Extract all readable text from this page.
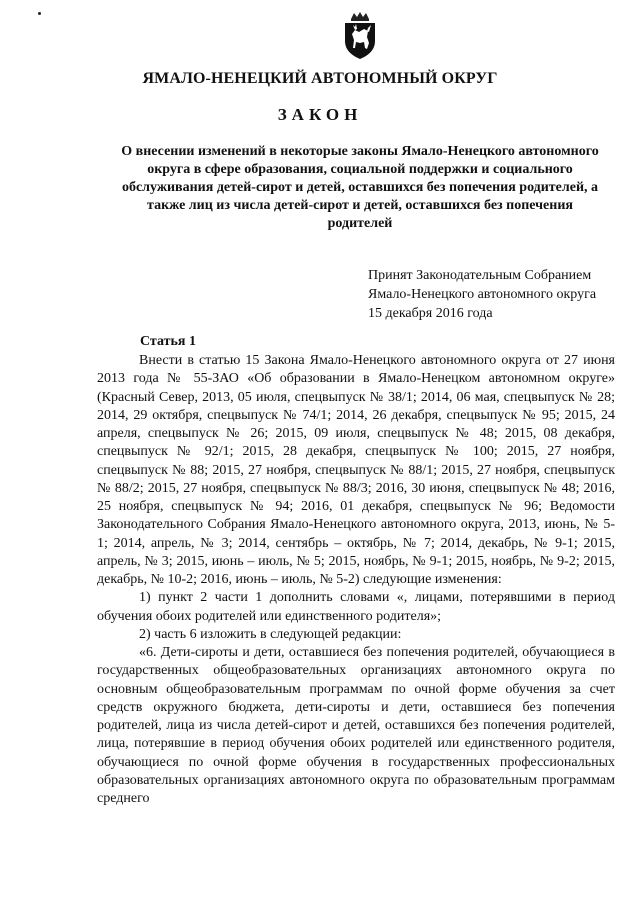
ЯМАЛО-НЕНЕЦКИЙ АВТОНОМНЫЙ ОКРУГ
ЗАКОН
О внесении изменений в некоторые законы Ямало-Ненецкого автономного округа в сфере образования, социальной поддержки и социального обслуживания детей-сирот и детей, оставшихся без попечения родителей, а также лиц из числа детей-сирот и детей, оставшихся без попечения родителей
Принят Законодательным Собранием
Ямало-Ненецкого автономного округа
15 декабря 2016 года
Статья 1

Внести в статью 15 Закона Ямало-Ненецкого автономного округа от 27 июня 2013 года № 55-ЗАО «Об образовании в Ямало-Ненецком автономном округе» (Красный Север, 2013, 05 июля, спецвыпуск № 38/1; 2014, 06 мая, спецвыпуск № 28; 2014, 29 октября, спецвыпуск № 74/1; 2014, 26 декабря, спецвыпуск № 95; 2015, 24 апреля, спецвыпуск № 26; 2015, 09 июля, спецвыпуск № 48; 2015, 08 декабря, спецвыпуск № 92/1; 2015, 28 декабря, спецвыпуск № 100; 2015, 27 ноября, спецвыпуск № 88; 2015, 27 ноября, спецвыпуск № 88/1; 2015, 27 ноября, спецвыпуск № 88/2; 2015, 27 ноября, спецвыпуск № 88/3; 2016, 30 июня, спецвыпуск № 48; 2016, 25 ноября, спецвыпуск № 94; 2016, 01 декабря, спецвыпуск № 96; Ведомости Законодательного Собрания Ямало-Ненецкого автономного округа, 2013, июнь, № 5-1; 2014, апрель, № 3; 2014, сентябрь – октябрь, № 7; 2014, декабрь, № 9-1; 2015, апрель, № 3; 2015, июнь – июль, № 5; 2015, ноябрь, № 9-1; 2015, ноябрь, № 9-2; 2015, декабрь, № 10-2; 2016, июнь – июль, № 5-2) следующие изменения:

1) пункт 2 части 1 дополнить словами «, лицами, потерявшими в период обучения обоих родителей или единственного родителя»;

2) часть 6 изложить в следующей редакции:

«6. Дети-сироты и дети, оставшиеся без попечения родителей, обучающиеся в государственных общеобразовательных организациях автономного округа по основным общеобразовательным программам по очной форме обучения за счет средств окружного бюджета, дети-сироты и дети, оставшиеся без попечения родителей, лица из числа детей-сирот и детей, оставшихся без попечения родителей, лица, потерявшие в период обучения обоих родителей или единственного родителя, обучающиеся по очной форме обучения в государственных профессиональных образовательных организациях автономного округа по образовательным программам среднего
